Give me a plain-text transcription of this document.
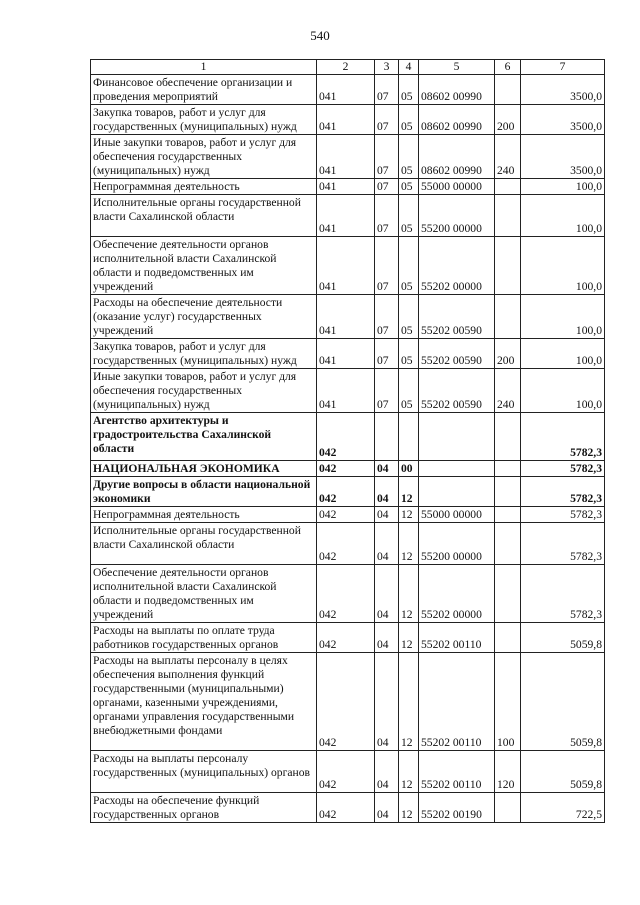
540
1	2	3	4	5	6	7
Финансовое обеспечение организации и проведения мероприятий	041	07	05	08602 00990		3500,0
Закупка товаров, работ и услуг для государственных (муниципальных) нужд	041	07	05	08602 00990	200	3500,0
Иные закупки товаров, работ и услуг для обеспечения государственных (муниципальных) нужд	041	07	05	08602 00990	240	3500,0
Непрограммная деятельность	041	07	05	55000 00000		100,0
Исполнительные органы государственной власти Сахалинской области	041	07	05	55200 00000		100,0
Обеспечение деятельности органов исполнительной власти Сахалинской области и подведомственных им учреждений	041	07	05	55202 00000		100,0
Расходы на обеспечение деятельности (оказание услуг) государственных учреждений	041	07	05	55202 00590		100,0
Закупка товаров, работ и услуг для государственных (муниципальных) нужд	041	07	05	55202 00590	200	100,0
Иные закупки товаров, работ и услуг для обеспечения государственных (муниципальных) нужд	041	07	05	55202 00590	240	100,0
Агентство архитектуры и градостроительства Сахалинской области	042					5782,3
НАЦИОНАЛЬНАЯ ЭКОНОМИКА	042	04	00			5782,3
Другие вопросы в области национальной экономики	042	04	12			5782,3
Непрограммная деятельность	042	04	12	55000 00000		5782,3
Исполнительные органы государственной власти Сахалинской области	042	04	12	55200 00000		5782,3
Обеспечение деятельности органов исполнительной власти Сахалинской области и подведомственных им учреждений	042	04	12	55202 00000		5782,3
Расходы на выплаты по оплате труда работников государственных органов	042	04	12	55202 00110		5059,8
Расходы на выплаты персоналу в целях обеспечения выполнения функций государственными (муниципальными) органами, казенными учреждениями, органами управления государственными внебюджетными фондами	042	04	12	55202 00110	100	5059,8
Расходы на выплаты персоналу государственных (муниципальных) органов	042	04	12	55202 00110	120	5059,8
Расходы на обеспечение функций государственных органов	042	04	12	55202 00190		722,5
